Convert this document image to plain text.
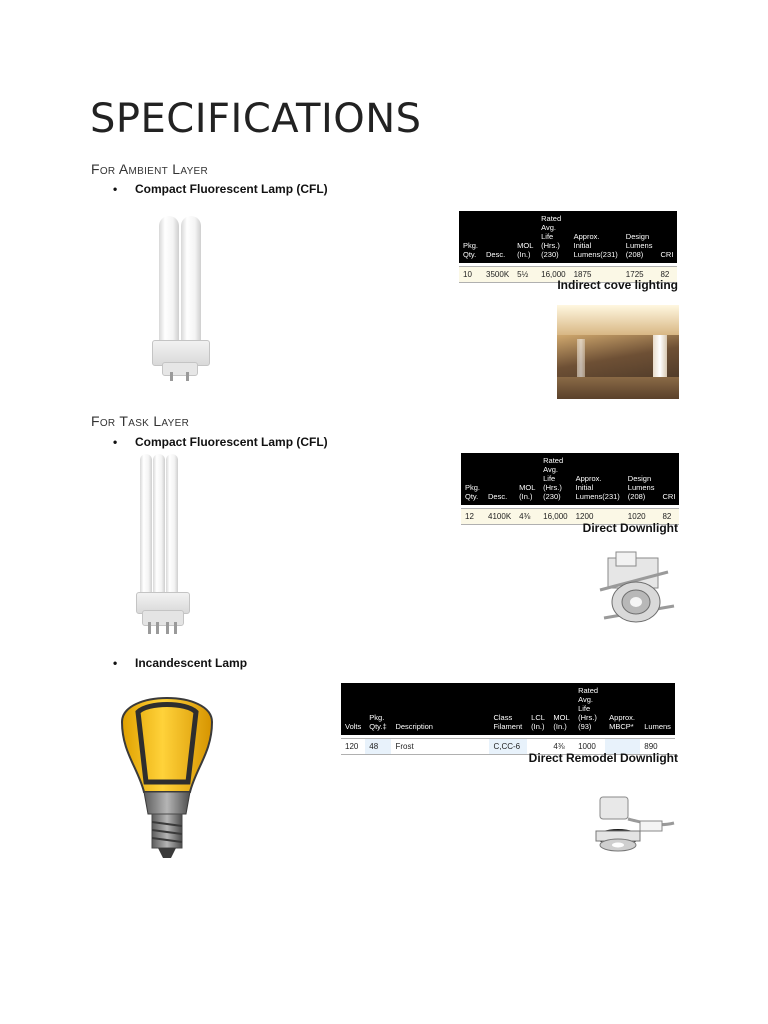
SPECIFICATIONS
For Ambient Layer
• Compact Fluorescent Lamp (CFL)
Pkg. Qty.	Desc.	MOL (In.)	Rated Avg. Life (Hrs.)(230)	Approx. Initial Lumens(231)	Design Lumens (208)	CRI

10	3500K	5½	16,000	1875	1725	82
Indirect cove lighting
For Task Layer
• Compact Fluorescent Lamp (CFL)
Pkg. Qty.	Desc.	MOL (In.)	Rated Avg. Life (Hrs.)(230)	Approx. Initial Lumens(231)	Design Lumens (208)	CRI

12	4100K	4⅜	16,000	1200	1020	82
Direct Downlight
• Incandescent Lamp
Volts	Pkg. Qty.‡	Description	Class Filament	LCL (In.)	MOL (In.)	Rated Avg. Life (Hrs.)(93)	Approx. MBCP*	Lumens

120	48	Frost	C,CC-6		4⅜	1000		890
Direct Remodel Downlight
